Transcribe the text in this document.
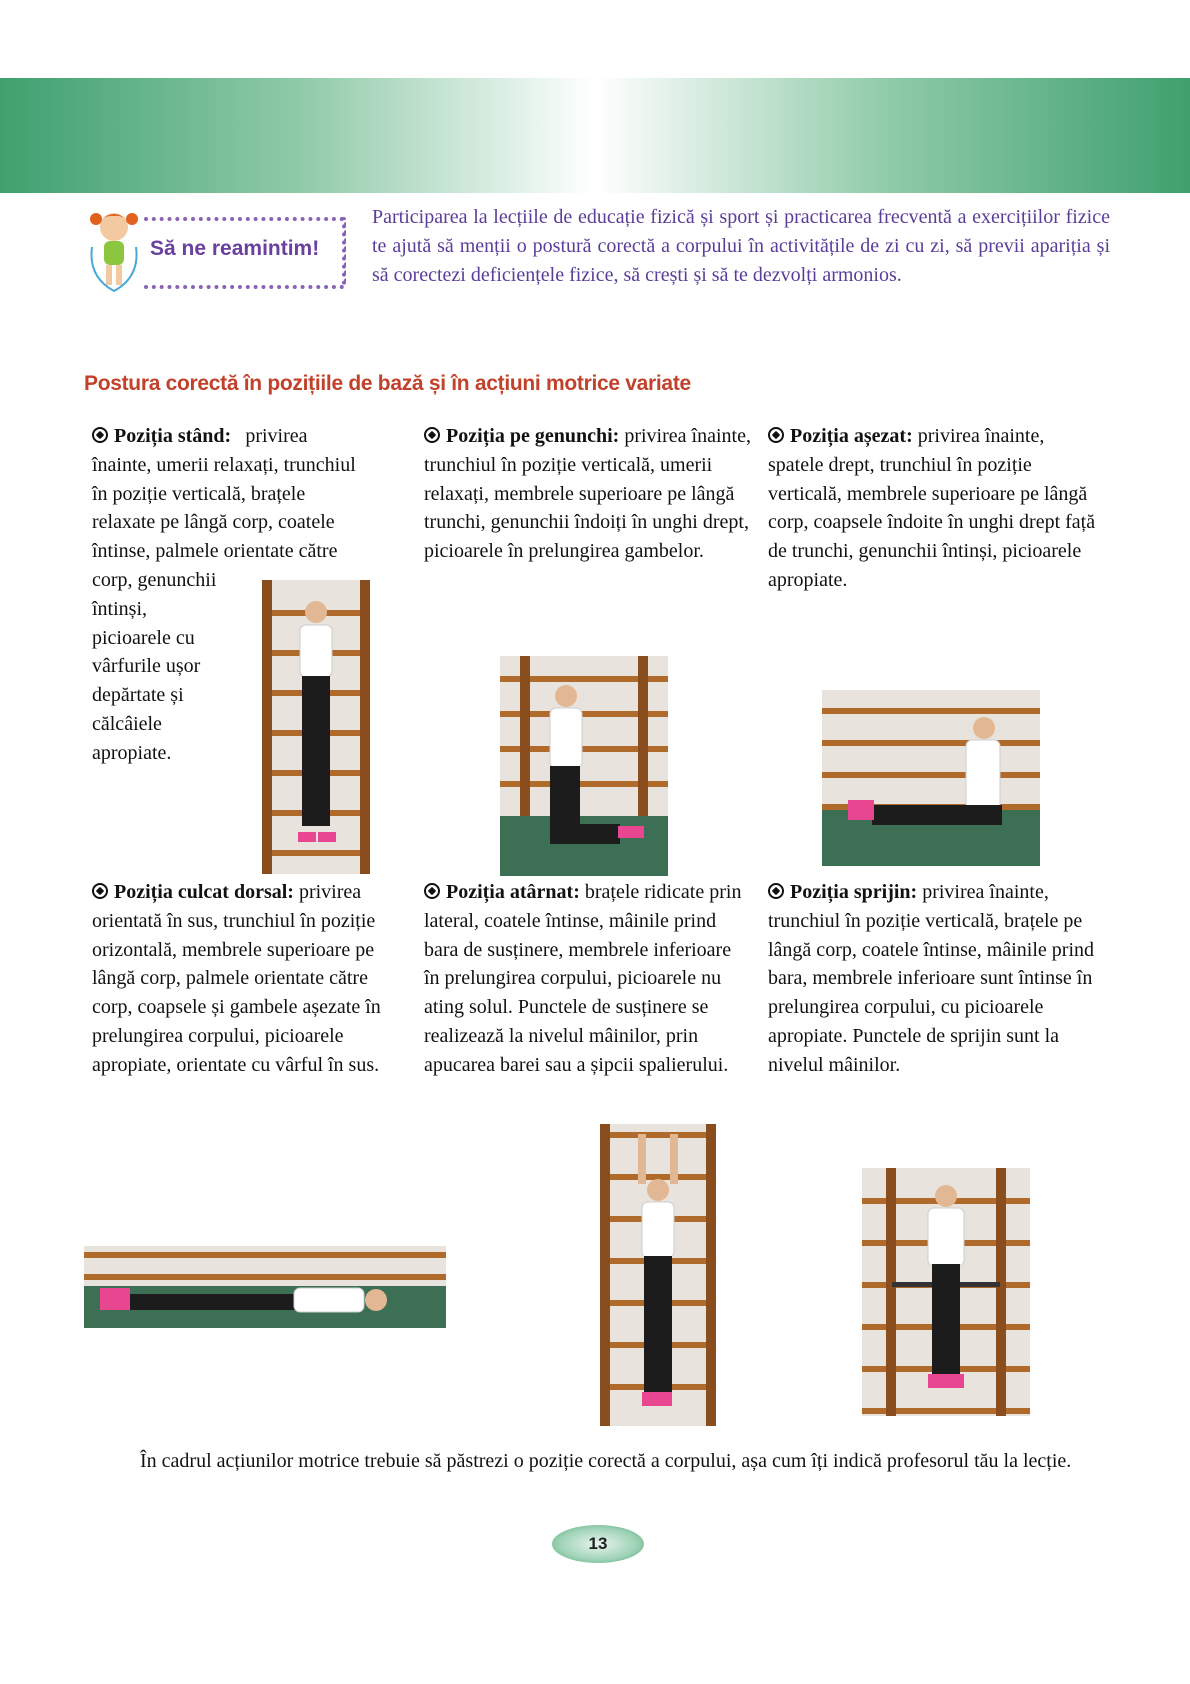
Să ne reamintim!
Participarea la lecțiile de educație fizică și sport și practicarea frecventă a exercițiilor fizice te ajută să menții o postură corectă a corpului în activitățile de zi cu zi, să previi apariția și să corectezi deficiențele fizice, să crești și să te dezvolți armonios.
Postura corectă în pozițiile de bază și în acțiuni motrice variate
Poziția stând: privirea
înainte, umerii relaxați, trunchiul
în poziție verticală, brațele
relaxate pe lângă corp, coatele
întinse, palmele orientate către
corp, genunchii
întinși,
picioarele cu
vârfurile ușor
depărtate și
călcâiele
apropiate.
Poziția pe genunchi: privirea înainte, trunchiul în poziție verticală, umerii relaxați, membrele superioare pe lângă trunchi, genunchii îndoiți în unghi drept, picioarele în prelungirea gambelor.
Poziția așezat: privirea înainte, spatele drept, trunchiul în poziție verticală, membrele superioare pe lângă corp, coapsele îndoite în unghi drept față de trunchi, genunchii întinși, picioarele apropiate.
Poziția culcat dorsal: privirea orientată în sus, trunchiul în poziție orizontală, membrele superioare pe lângă corp, palmele orientate către corp, coapsele și gambele așezate în prelungirea corpului, picioarele apropiate, orientate cu vârful în sus.
Poziția atârnat: brațele ridicate prin lateral, coatele întinse, mâinile prind bara de susținere, membrele inferioare în prelungirea corpului, picioarele nu ating solul. Punctele de susținere se realizează la nivelul mâinilor, prin apucarea barei sau a șipcii spalierului.
Poziția sprijin: privirea înainte, trunchiul în poziție verticală, brațele pe lângă corp, coatele întinse, mâinile prind bara, membrele inferioare sunt întinse în prelungirea corpului, cu picioarele apropiate. Punctele de sprijin sunt la nivelul mâinilor.
În cadrul acțiunilor motrice trebuie să păstrezi o poziție corectă a corpului, așa cum îți indică profesorul tău la lecție.
13
